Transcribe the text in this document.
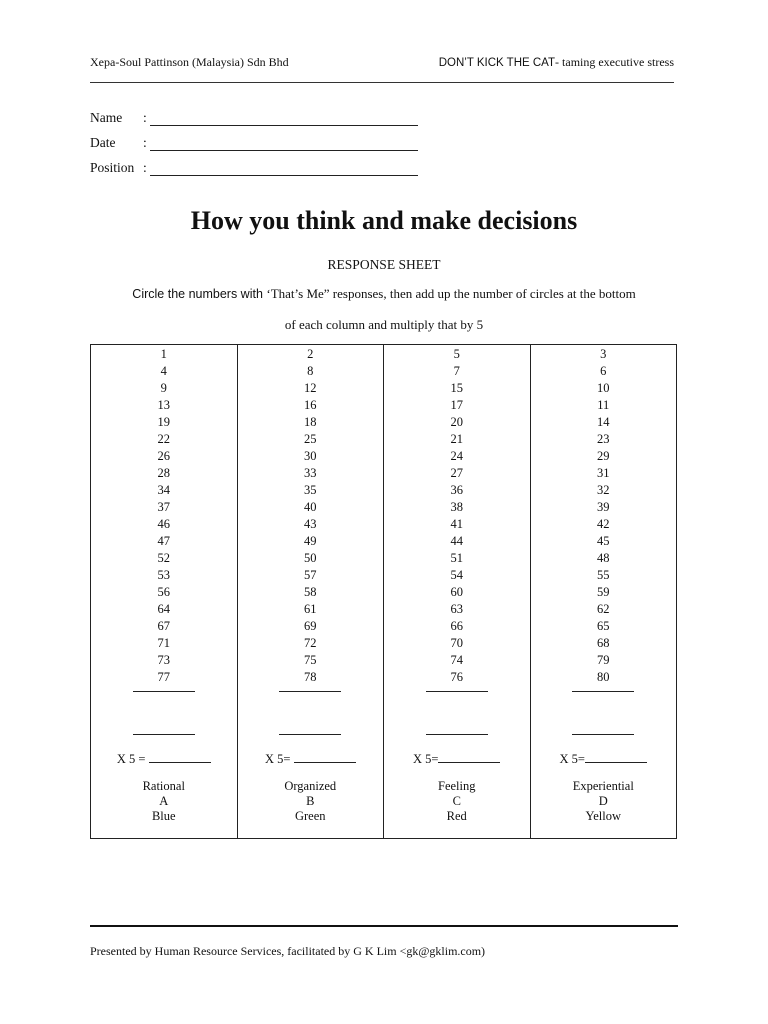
Xepa-Soul Pattinson (Malaysia) Sdn Bhd	DON’T KICK THE CAT- taming executive stress
Name :
Date :
Position :
How you think and make decisions
RESPONSE SHEET
Circle the numbers with ‘That’s Me” responses, then add up the number of circles at the bottom
of each column and multiply that by 5
1
4
9
13
19
22
26
28
34
37
46
47
52
53
56
64
67
71
73
77
X 5 =
Rational
A
Blue
2
8
12
16
18
25
30
33
35
40
43
49
50
57
58
61
69
72
75
78
X 5=
Organized
B
Green
5
7
15
17
20
21
24
27
36
38
41
44
51
54
60
63
66
70
74
76
X 5=
Feeling
C
Red
3
6
10
11
14
23
29
31
32
39
42
45
48
55
59
62
65
68
79
80
X 5=
Experiential
D
Yellow
Presented by Human Resource Services, facilitated by G K Lim <gk@gklim.com)
